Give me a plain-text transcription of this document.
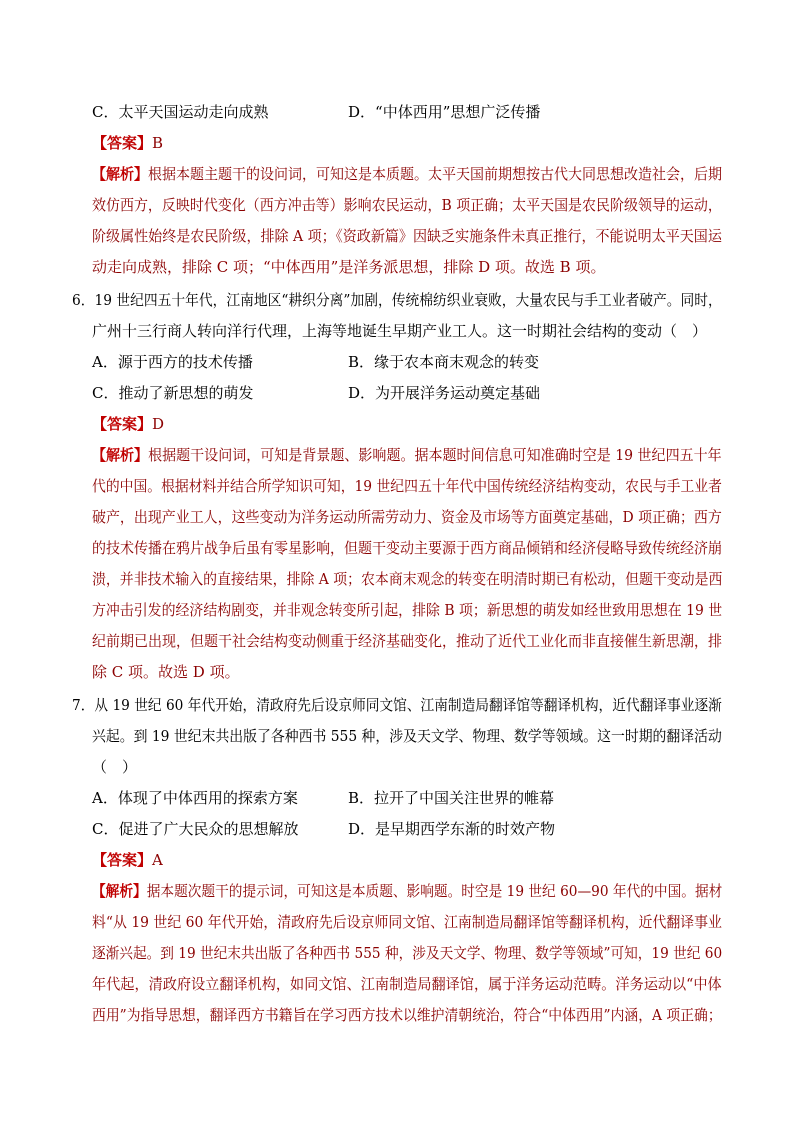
C．太平天国运动走向成熟	D．“中体西用”思想广泛传播
【答案】B
【解析】根据本题主题干的设问词，可知这是本质题。太平天国前期想按古代大同思想改造社会，后期
效仿西方，反映时代变化（西方冲击等）影响农民运动，B 项正确；太平天国是农民阶级领导的运动，
阶级属性始终是农民阶级，排除 A 项；《资政新篇》因缺乏实施条件未真正推行，不能说明太平天国运
动走向成熟，排除 C 项；“中体西用”是洋务派思想，排除 D 项。故选 B 项。
6．19 世纪四五十年代，江南地区“耕织分离”加剧，传统棉纺织业衰败，大量农民与手工业者破产。同时，
广州十三行商人转向洋行代理，上海等地诞生早期产业工人。这一时期社会结构的变动（　）
A．源于西方的技术传播	B．缘于农本商末观念的转变
C．推动了新思想的萌发	D．为开展洋务运动奠定基础
【答案】D
【解析】根据题干设问词，可知是背景题、影响题。据本题时间信息可知准确时空是 19 世纪四五十年
代的中国。根据材料并结合所学知识可知，19 世纪四五十年代中国传统经济结构变动，农民与手工业者
破产，出现产业工人，这些变动为洋务运动所需劳动力、资金及市场等方面奠定基础，D 项正确；西方
的技术传播在鸦片战争后虽有零星影响，但题干变动主要源于西方商品倾销和经济侵略导致传统经济崩
溃，并非技术输入的直接结果，排除 A 项；农本商末观念的转变在明清时期已有松动，但题干变动是西
方冲击引发的经济结构剧变，并非观念转变所引起，排除 B 项；新思想的萌发如经世致用思想在 19 世
纪前期已出现，但题干社会结构变动侧重于经济基础变化，推动了近代工业化而非直接催生新思潮，排
除 C 项。故选 D 项。
7．从 19 世纪 60 年代开始，清政府先后设京师同文馆、江南制造局翻译馆等翻译机构，近代翻译事业逐渐
兴起。到 19 世纪末共出版了各种西书 555 种，涉及天文学、物理、数学等领域。这一时期的翻译活动
（　）
A．体现了中体西用的探索方案	B．拉开了中国关注世界的帷幕
C．促进了广大民众的思想解放	D．是早期西学东渐的时效产物
【答案】A
【解析】据本题次题干的提示词，可知这是本质题、影响题。时空是 19 世纪 60—90 年代的中国。据材
料“从 19 世纪 60 年代开始，清政府先后设京师同文馆、江南制造局翻译馆等翻译机构，近代翻译事业
逐渐兴起。到 19 世纪末共出版了各种西书 555 种，涉及天文学、物理、数学等领域”可知，19 世纪 60
年代起，清政府设立翻译机构，如同文馆、江南制造局翻译馆，属于洋务运动范畴。洋务运动以“中体
西用”为指导思想，翻译西方书籍旨在学习西方技术以维护清朝统治，符合“中体西用”内涵，A 项正确；
